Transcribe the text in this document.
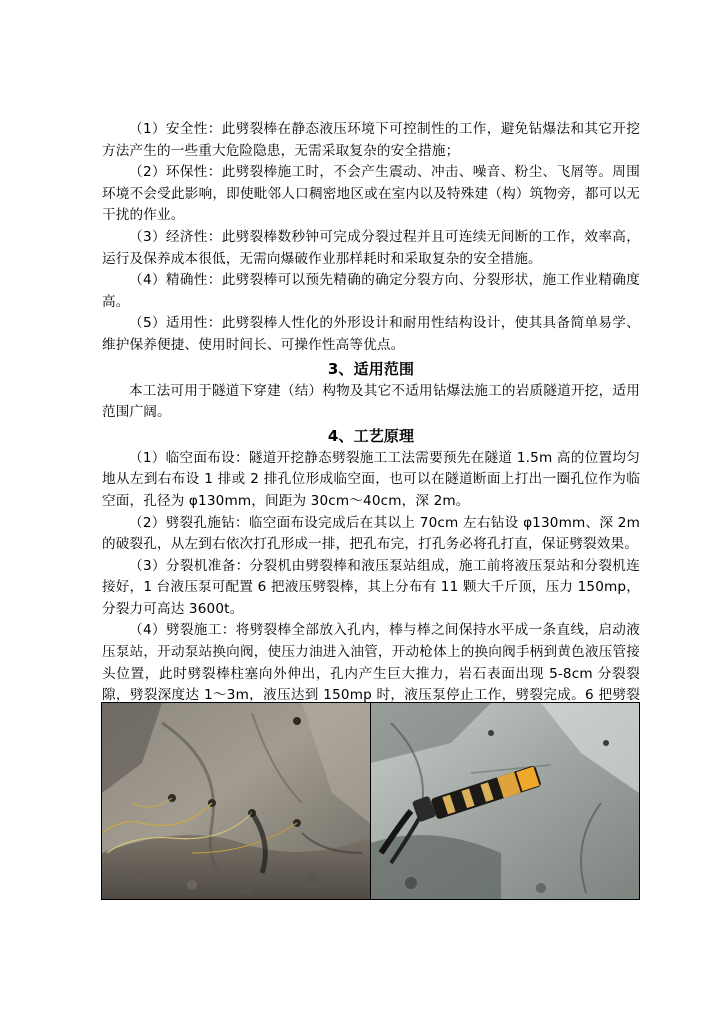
（1）安全性：此劈裂棒在静态液压环境下可控制性的工作，避免钻爆法和其它开挖方法产生的一些重大危险隐患，无需采取复杂的安全措施；

（2）环保性：此劈裂棒施工时，不会产生震动、冲击、噪音、粉尘、飞屑等。周围环境不会受此影响，即使毗邻人口稠密地区或在室内以及特殊建（构）筑物旁，都可以无干扰的作业。

（3）经济性：此劈裂棒数秒钟可完成分裂过程并且可连续无间断的工作，效率高，运行及保养成本很低，无需向爆破作业那样耗时和采取复杂的安全措施。

（4）精确性：此劈裂棒可以预先精确的确定分裂方向、分裂形状，施工作业精确度高。

（5）适用性：此劈裂棒人性化的外形设计和耐用性结构设计，使其具备简单易学、维护保养便捷、使用时间长、可操作性高等优点。

3、适用范围

本工法可用于隧道下穿建（结）构物及其它不适用钻爆法施工的岩质隧道开挖，适用范围广阔。

4、工艺原理

（1）临空面布设：隧道开挖静态劈裂施工工法需要预先在隧道 1.5m 高的位置均匀地从左到右布设 1 排或 2 排孔位形成临空面，也可以在隧道断面上打出一圈孔位作为临空面，孔径为 φ130mm，间距为 30cm～40cm，深 2m。

（2）劈裂孔施钻：临空面布设完成后在其以上 70cm 左右钻设 φ130mm、深 2m 的破裂孔，从左到右依次打孔形成一排，把孔布完，打孔务必将孔打直，保证劈裂效果。

（3）分裂机准备：分裂机由劈裂棒和液压泵站组成，施工前将液压泵站和分裂机连接好，1 台液压泵可配置 6 把液压劈裂棒，其上分布有 11 颗大千斤顶，压力 150mp，分裂力可高达 3600t。

（4）劈裂施工：将劈裂棒全部放入孔内，棒与棒之间保持水平成一条直线，启动液压泵站，开动泵站换向阀，使压力油进入油管，开动枪体上的换向阀手柄到黄色液压管接头位置，此时劈裂棒柱塞向外伸出，孔内产生巨大推力，岩石表面出现 5-8cm 分裂裂隙，劈裂深度达 1～3m，液压达到 150mp 时，液压泵停止工作，劈裂完成。6 把劈裂
